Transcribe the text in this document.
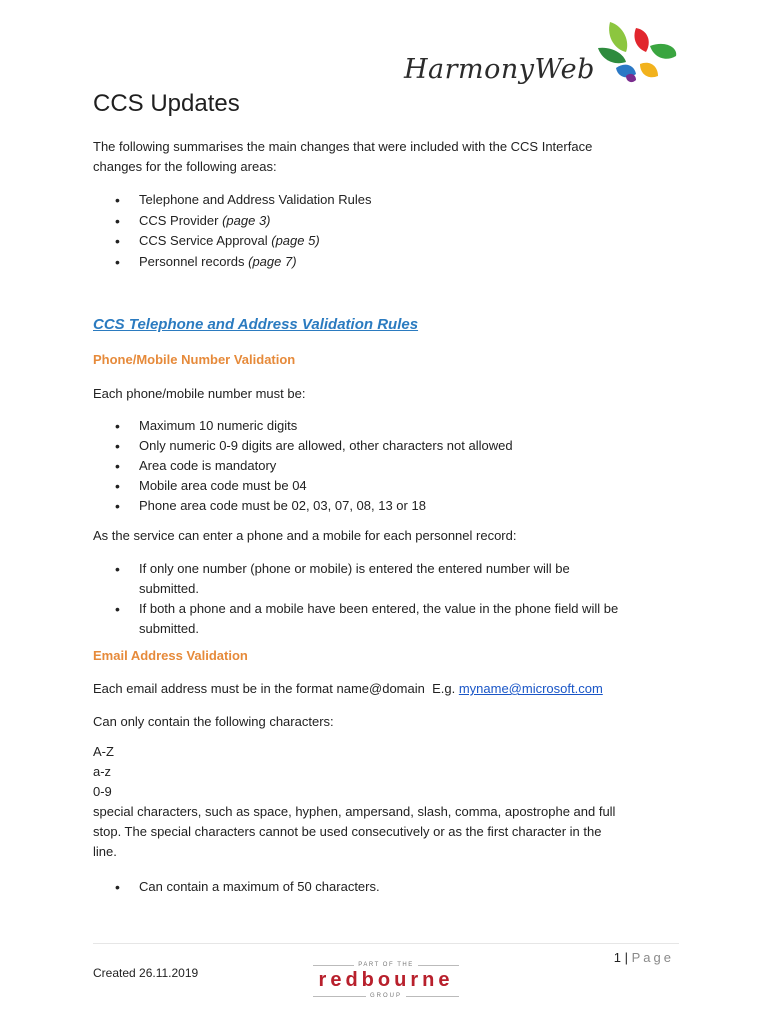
HarmonyWeb
CCS Updates
The following summarises the main changes that were included with the CCS Interface
changes for the following areas:
• Telephone and Address Validation Rules
• CCS Provider (page 3)
• CCS Service Approval (page 5)
• Personnel records (page 7)
CCS Telephone and Address Validation Rules
Phone/Mobile Number Validation
Each phone/mobile number must be:
• Maximum 10 numeric digits
• Only numeric 0-9 digits are allowed, other characters not allowed
• Area code is mandatory
• Mobile area code must be 04
• Phone area code must be 02, 03, 07, 08, 13 or 18
As the service can enter a phone and a mobile for each personnel record:
• If only one number (phone or mobile) is entered the entered number will be
submitted.
• If both a phone and a mobile have been entered, the value in the phone field will be
submitted.
Email Address Validation
Each email address must be in the format name@domain  E.g. myname@microsoft.com
Can only contain the following characters:
A-Z
a-z
0-9
special characters, such as space, hyphen, ampersand, slash, comma, apostrophe and full
stop. The special characters cannot be used consecutively or as the first character in the
line.
• Can contain a maximum of 50 characters.
1 | Page
Created 26.11.2019
PART OF THE
redbourne
GROUP
